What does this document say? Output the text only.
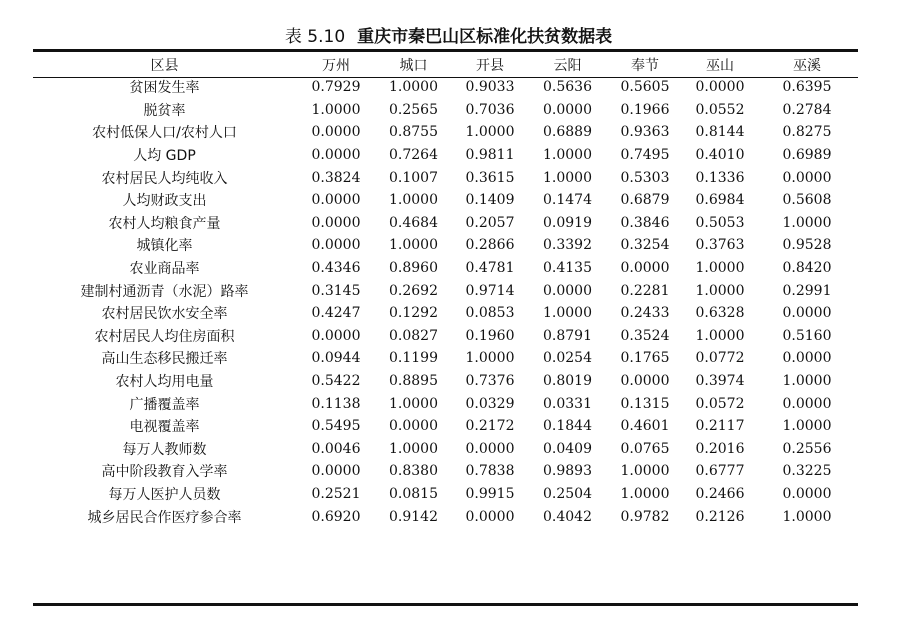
表 5.10 重庆市秦巴山区标准化扶贫数据表
区县	万州	城口	开县	云阳	奉节	巫山	巫溪
贫困发生率	0.7929	1.0000	0.9033	0.5636	0.5605	0.0000	0.6395
脱贫率	1.0000	0.2565	0.7036	0.0000	0.1966	0.0552	0.2784
农村低保人口/农村人口	0.0000	0.8755	1.0000	0.6889	0.9363	0.8144	0.8275
人均 GDP	0.0000	0.7264	0.9811	1.0000	0.7495	0.4010	0.6989
农村居民人均纯收入	0.3824	0.1007	0.3615	1.0000	0.5303	0.1336	0.0000
人均财政支出	0.0000	1.0000	0.1409	0.1474	0.6879	0.6984	0.5608
农村人均粮食产量	0.0000	0.4684	0.2057	0.0919	0.3846	0.5053	1.0000
城镇化率	0.0000	1.0000	0.2866	0.3392	0.3254	0.3763	0.9528
农业商品率	0.4346	0.8960	0.4781	0.4135	0.0000	1.0000	0.8420
建制村通沥青（水泥）路率	0.3145	0.2692	0.9714	0.0000	0.2281	1.0000	0.2991
农村居民饮水安全率	0.4247	0.1292	0.0853	1.0000	0.2433	0.6328	0.0000
农村居民人均住房面积	0.0000	0.0827	0.1960	0.8791	0.3524	1.0000	0.5160
高山生态移民搬迁率	0.0944	0.1199	1.0000	0.0254	0.1765	0.0772	0.0000
农村人均用电量	0.5422	0.8895	0.7376	0.8019	0.0000	0.3974	1.0000
广播覆盖率	0.1138	1.0000	0.0329	0.0331	0.1315	0.0572	0.0000
电视覆盖率	0.5495	0.0000	0.2172	0.1844	0.4601	0.2117	1.0000
每万人教师数	0.0046	1.0000	0.0000	0.0409	0.0765	0.2016	0.2556
高中阶段教育入学率	0.0000	0.8380	0.7838	0.9893	1.0000	0.6777	0.3225
每万人医护人员数	0.2521	0.0815	0.9915	0.2504	1.0000	0.2466	0.0000
城乡居民合作医疗参合率	0.6920	0.9142	0.0000	0.4042	0.9782	0.2126	1.0000
